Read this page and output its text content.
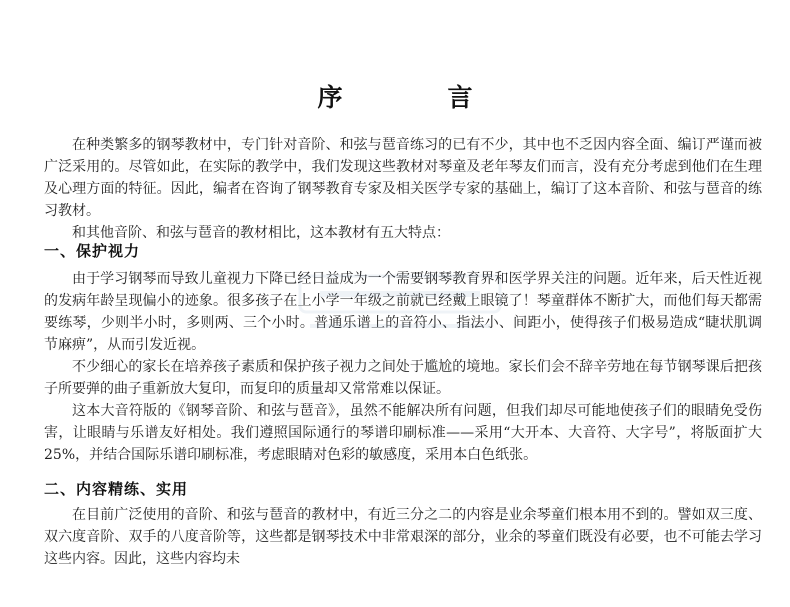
序　言

在种类繁多的钢琴教材中，专门针对音阶、和弦与琶音练习的已有不少，其中也不乏因内容全面、编订严谨而被广泛采用的。尽管如此，在实际的教学中，我们发现这些教材对琴童及老年琴友们而言，没有充分考虑到他们在生理及心理方面的特征。因此，编者在咨询了钢琴教育专家及相关医学专家的基础上，编订了这本音阶、和弦与琶音的练习教材。

和其他音阶、和弦与琶音的教材相比，这本教材有五大特点：

一、保护视力

由于学习钢琴而导致儿童视力下降已经日益成为一个需要钢琴教育界和医学界关注的问题。近年来，后天性近视的发病年龄呈现偏小的迹象。很多孩子在上小学一年级之前就已经戴上眼镜了！琴童群体不断扩大，而他们每天都需要练琴，少则半小时，多则两、三个小时。普通乐谱上的音符小、指法小、间距小，使得孩子们极易造成“睫状肌调节麻痹”，从而引发近视。

不少细心的家长在培养孩子素质和保护孩子视力之间处于尴尬的境地。家长们会不辞辛劳地在每节钢琴课后把孩子所要弹的曲子重新放大复印，而复印的质量却又常常难以保证。

这本大音符版的《钢琴音阶、和弦与琶音》，虽然不能解决所有问题，但我们却尽可能地使孩子们的眼睛免受伤害，让眼睛与乐谱友好相处。我们遵照国际通行的琴谱印刷标准——采用“大开本、大音符、大字号”，将版面扩大 25%，并结合国际乐谱印刷标准，考虑眼睛对色彩的敏感度，采用本白色纸张。

二、内容精练、实用

在目前广泛使用的音阶、和弦与琶音的教材中，有近三分之二的内容是业余琴童们根本用不到的。譬如双三度、双六度音阶、双手的八度音阶等，这些都是钢琴技术中非常艰深的部分，业余的琴童们既没有必要，也不可能去学习这些内容。因此，这些内容均未
